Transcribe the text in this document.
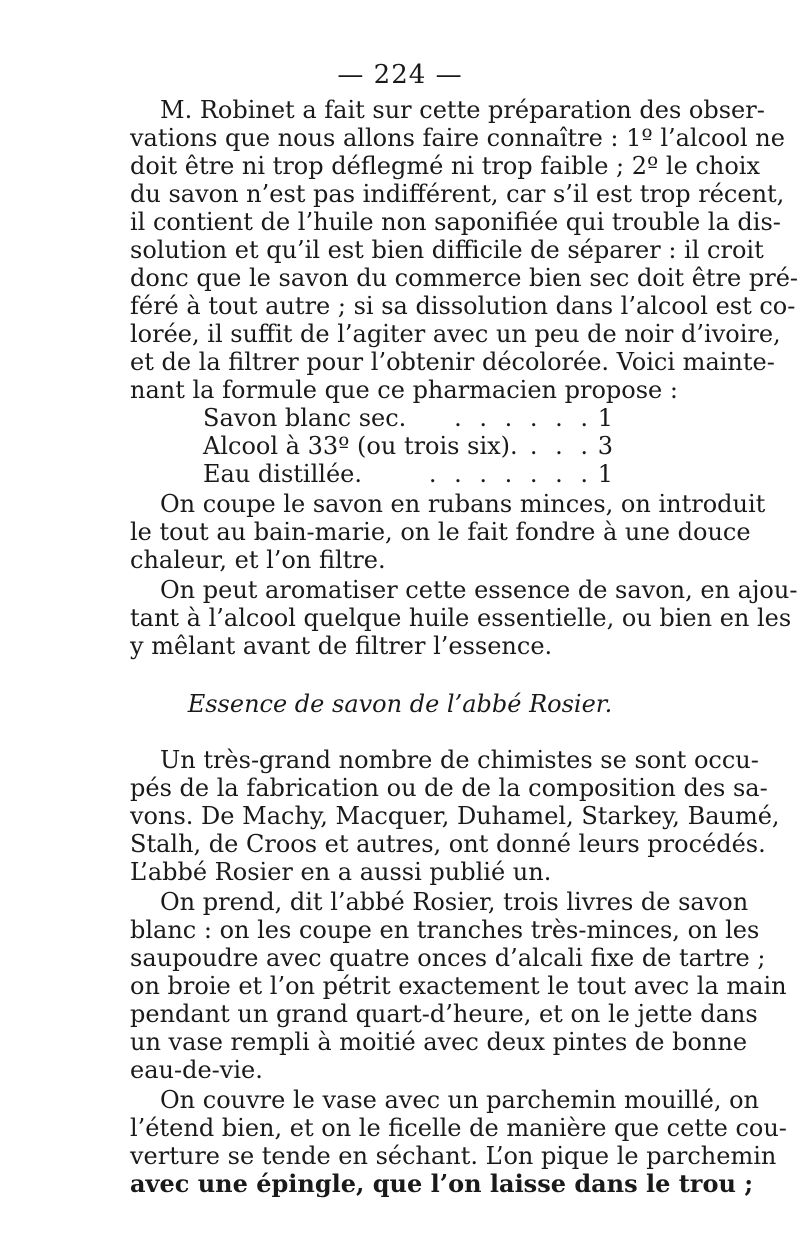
— 224 —
M. Robinet a fait sur cette préparation des obser-
vations que nous allons faire connaître : 1º l’alcool ne
doit être ni trop déflegmé ni trop faible ; 2º le choix
du savon n’est pas indifférent, car s’il est trop récent,
il contient de l’huile non saponifiée qui trouble la dis-
solution et qu’il est bien difficile de séparer : il croit
donc que le savon du commerce bien sec doit être pré-
féré à tout autre ; si sa dissolution dans l’alcool est co-
lorée, il suffit de l’agiter avec un peu de noir d’ivoire,
et de la filtrer pour l’obtenir décolorée. Voici mainte-
nant la formule que ce pharmacien propose :
Savon blanc sec.	. . . . . . 1
Alcool à 33º (ou trois six). . . . 3
Eau distillée.	. . . . . . . 1
On coupe le savon en rubans minces, on introduit
le tout au bain-marie, on le fait fondre à une douce
chaleur, et l’on filtre.
On peut aromatiser cette essence de savon, en ajou-
tant à l’alcool quelque huile essentielle, ou bien en les
y mêlant avant de filtrer l’essence.
Essence de savon de l’abbé Rosier.
Un très-grand nombre de chimistes se sont occu-
pés de la fabrication ou de de la composition des sa-
vons. De Machy, Macquer, Duhamel, Starkey, Baumé,
Stalh, de Croos et autres, ont donné leurs procédés.
L’abbé Rosier en a aussi publié un.
On prend, dit l’abbé Rosier, trois livres de savon
blanc : on les coupe en tranches très-minces, on les
saupoudre avec quatre onces d’alcali fixe de tartre ;
on broie et l’on pétrit exactement le tout avec la main
pendant un grand quart-d’heure, et on le jette dans
un vase rempli à moitié avec deux pintes de bonne
eau-de-vie.
On couvre le vase avec un parchemin mouillé, on
l’étend bien, et on le ficelle de manière que cette cou-
verture se tende en séchant. L’on pique le parchemin
avec une épingle, que l’on laisse dans le trou ;
